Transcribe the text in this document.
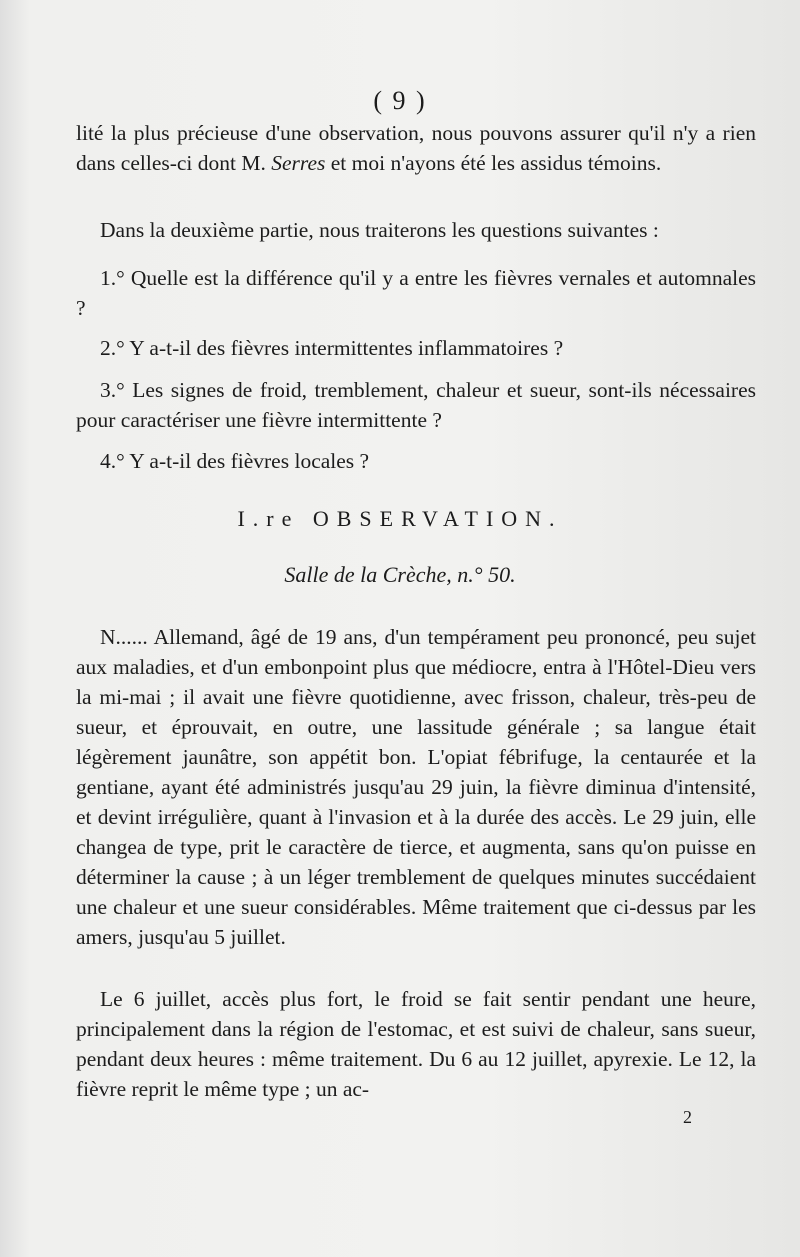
( 9 )

lité la plus précieuse d'une observation, nous pouvons assurer qu'il n'y a rien dans celles-ci dont M. Serres et moi n'ayons été les assidus témoins.

Dans la deuxième partie, nous traiterons les questions suivantes :

1.° Quelle est la différence qu'il y a entre les fièvres vernales et automnales ?

2.° Y a-t-il des fièvres intermittentes inflammatoires ?

3.° Les signes de froid, tremblement, chaleur et sueur, sont-ils nécessaires pour caractériser une fièvre intermittente ?

4.° Y a-t-il des fièvres locales ?

I.re OBSERVATION.
Salle de la Crèche, n.° 50.

N...... Allemand, âgé de 19 ans, d'un tempérament peu prononcé, peu sujet aux maladies, et d'un embonpoint plus que médiocre, entra à l'Hôtel-Dieu vers la mi-mai ; il avait une fièvre quotidienne, avec frisson, chaleur, très-peu de sueur, et éprouvait, en outre, une lassitude générale ; sa langue était légèrement jaunâtre, son appétit bon. L'opiat fébrifuge, la centaurée et la gentiane, ayant été administrés jusqu'au 29 juin, la fièvre diminua d'intensité, et devint irrégulière, quant à l'invasion et à la durée des accès. Le 29 juin, elle changea de type, prit le caractère de tierce, et augmenta, sans qu'on puisse en déterminer la cause ; à un léger tremblement de quelques minutes succédaient une chaleur et une sueur considérables. Même traitement que ci-dessus par les amers, jusqu'au 5 juillet.

Le 6 juillet, accès plus fort, le froid se fait sentir pendant une heure, principalement dans la région de l'estomac, et est suivi de chaleur, sans sueur, pendant deux heures : même traitement. Du 6 au 12 juillet, apyrexie. Le 12, la fièvre reprit le même type ; un ac-

2
